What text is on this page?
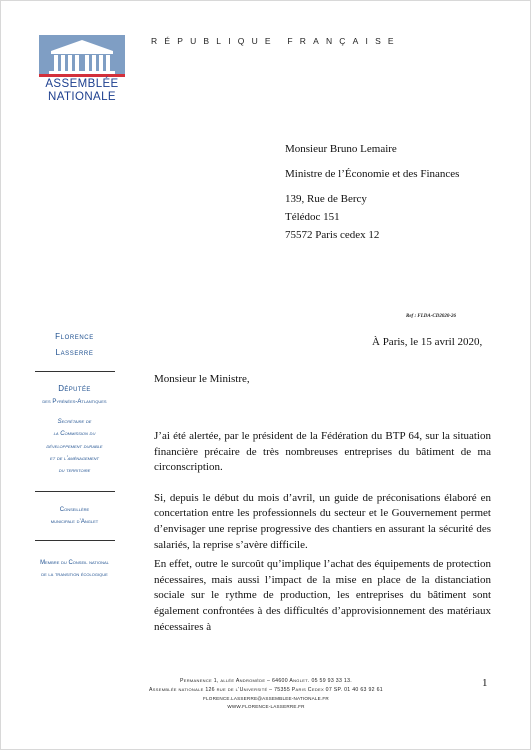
ASSEMBLÉE
NATIONALE
RÉPUBLIQUE FRANÇAISE
Monsieur Bruno Lemaire
Ministre de l’Économie et des Finances
139, Rue de Bercy
Télédoc 151
75572 Paris cedex 12
Ref : FLDA-CD2020-26
À Paris, le 15 avril 2020,
Florence
Lasserre
Députée
des Pyrénées-Atlantiques
Secrétaire de
la Commission du
développement durable
et de l’aménagement
du territoire
Conseillère
municipale d’Anglet
Membre du Conseil national
de la transition écologique
Monsieur le Ministre,

J’ai été alertée, par le président de la Fédération du BTP 64, sur la situation financière précaire de très nombreuses entreprises du bâtiment de ma circonscription.

Si, depuis le début du mois d’avril, un guide de préconisations élaboré en concertation entre les professionnels du secteur et le Gouvernement permet d’envisager une reprise progressive des chantiers en assurant la sécurité des salariés, la reprise s’avère difficile.

En effet, outre le surcoût qu’implique l’achat des équipements de protection nécessaires, mais aussi l’impact de la mise en place de la distanciation sociale sur le rythme de production, les entreprises du bâtiment sont également confrontées à des difficultés d’approvisionnement des matériaux nécessaires à

1
Permanence 1, allée Andromède – 64600 Anglet. 05 59 93 33 13.
Assemblée nationale 126 rue de l’Université – 75355 Paris Cedex 07 SP. 01 40 63 92 61
FLORENCE.LASSERRE@ASSEMBLEE-NATIONALE.FR
WWW.FLORENCE-LASSERRE.FR
